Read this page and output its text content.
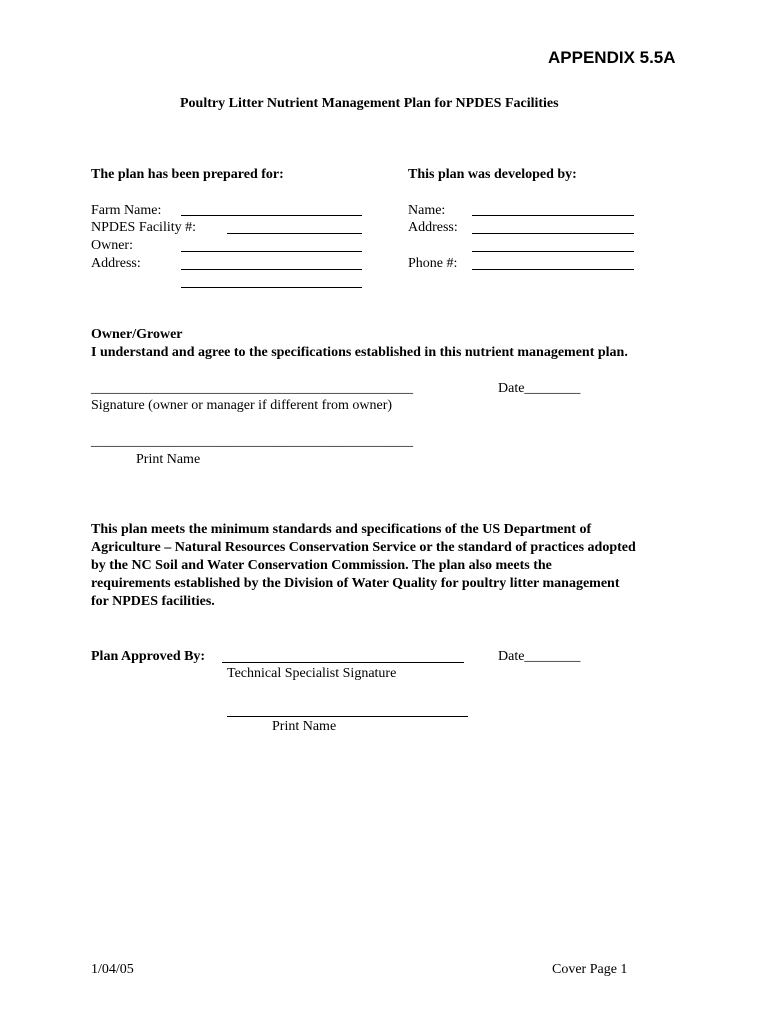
APPENDIX 5.5A
Poultry Litter Nutrient Management Plan for NPDES Facilities
The plan has been prepared for:
Farm Name:
NPDES Facility #:
Owner:
Address:
This plan was developed by:
Name:
Address:
Phone #:
Owner/Grower
I understand and agree to the specifications established in this nutrient management plan.
______________________________________________	Date________
Signature (owner or manager if different from owner)
______________________________________________
Print Name
This plan meets the minimum standards and specifications of the US Department of
Agriculture – Natural Resources Conservation Service or the standard of practices adopted
by the NC Soil and Water Conservation Commission. The plan also meets the
requirements established by the Division of Water Quality for poultry litter management
for NPDES facilities.
Plan Approved By:	Date________
Technical Specialist Signature
Print Name
1/04/05	Cover Page 1
